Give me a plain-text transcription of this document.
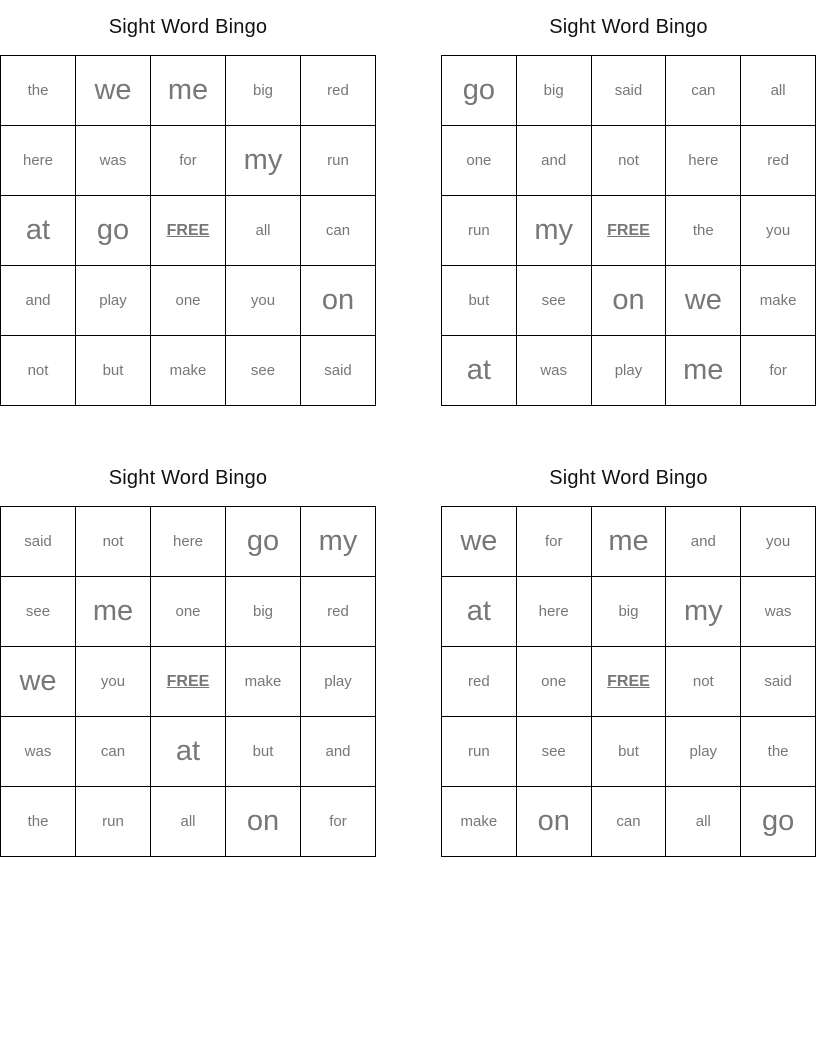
Sight Word Bingo
the	we	me	big	red
here	was	for	my	run
at	go	FREE	all	can
and	play	one	you	on
not	but	make	see	said
Sight Word Bingo
go	big	said	can	all
one	and	not	here	red
run	my	FREE	the	you
but	see	on	we	make
at	was	play	me	for
Sight Word Bingo
said	not	here	go	my
see	me	one	big	red
we	you	FREE	make	play
was	can	at	but	and
the	run	all	on	for
Sight Word Bingo
we	for	me	and	you
at	here	big	my	was
red	one	FREE	not	said
run	see	but	play	the
make	on	can	all	go
